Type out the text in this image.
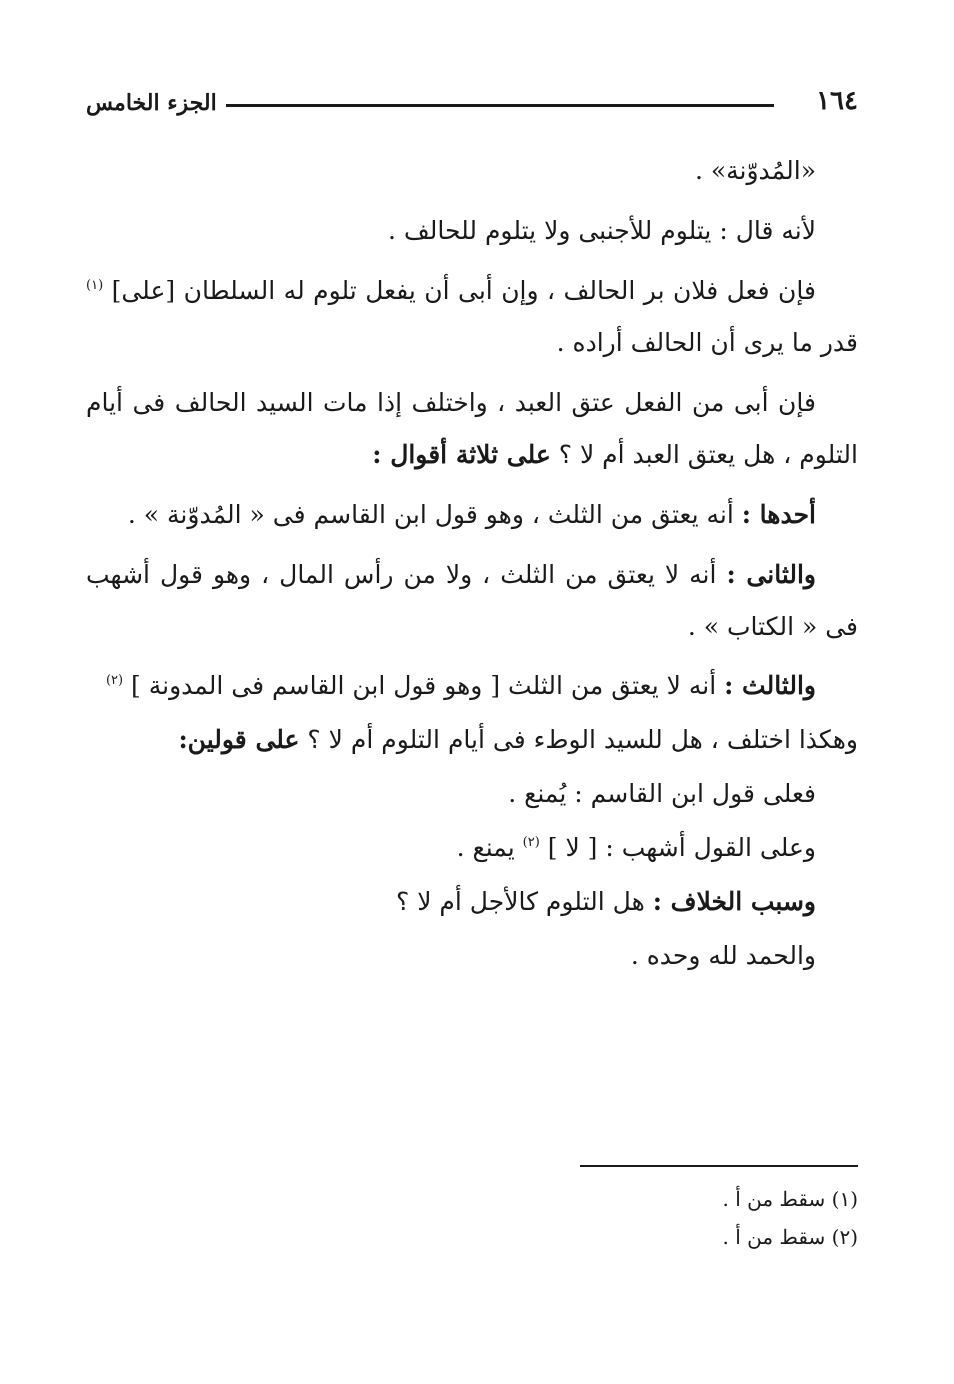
١٦٤
الجزء الخامس

«المُدوّنة» .

لأنه قال : يتلوم للأجنبى ولا يتلوم للحالف .

فإن فعل فلان بر الحالف ، وإن أبى أن يفعل تلوم له السلطان [على] $^{(١)}$ قدر ما يرى أن الحالف أراده .

فإن أبى من الفعل عتق العبد ، واختلف إذا مات السيد الحالف فى أيام التلوم ، هل يعتق العبد أم لا ؟ على ثلاثة أقوال :

أحدها : أنه يعتق من الثلث ، وهو قول ابن القاسم فى « المُدوّنة » .

والثانى : أنه لا يعتق من الثلث ، ولا من رأس المال ، وهو قول أشهب فى « الكتاب » .

والثالث : أنه لا يعتق من الثلث [ وهو قول ابن القاسم فى المدونة ] $^{(٢)}$

وهكذا اختلف ، هل للسيد الوطء فى أيام التلوم أم لا ؟ على قولين:

فعلى قول ابن القاسم : يُمنع .

وعلى القول أشهب : [ لا ] $^{(٢)}$ يمنع .

وسبب الخلاف : هل التلوم كالأجل أم لا ؟

والحمد لله وحده .

(١) سقط من أ .
(٢) سقط من أ .
